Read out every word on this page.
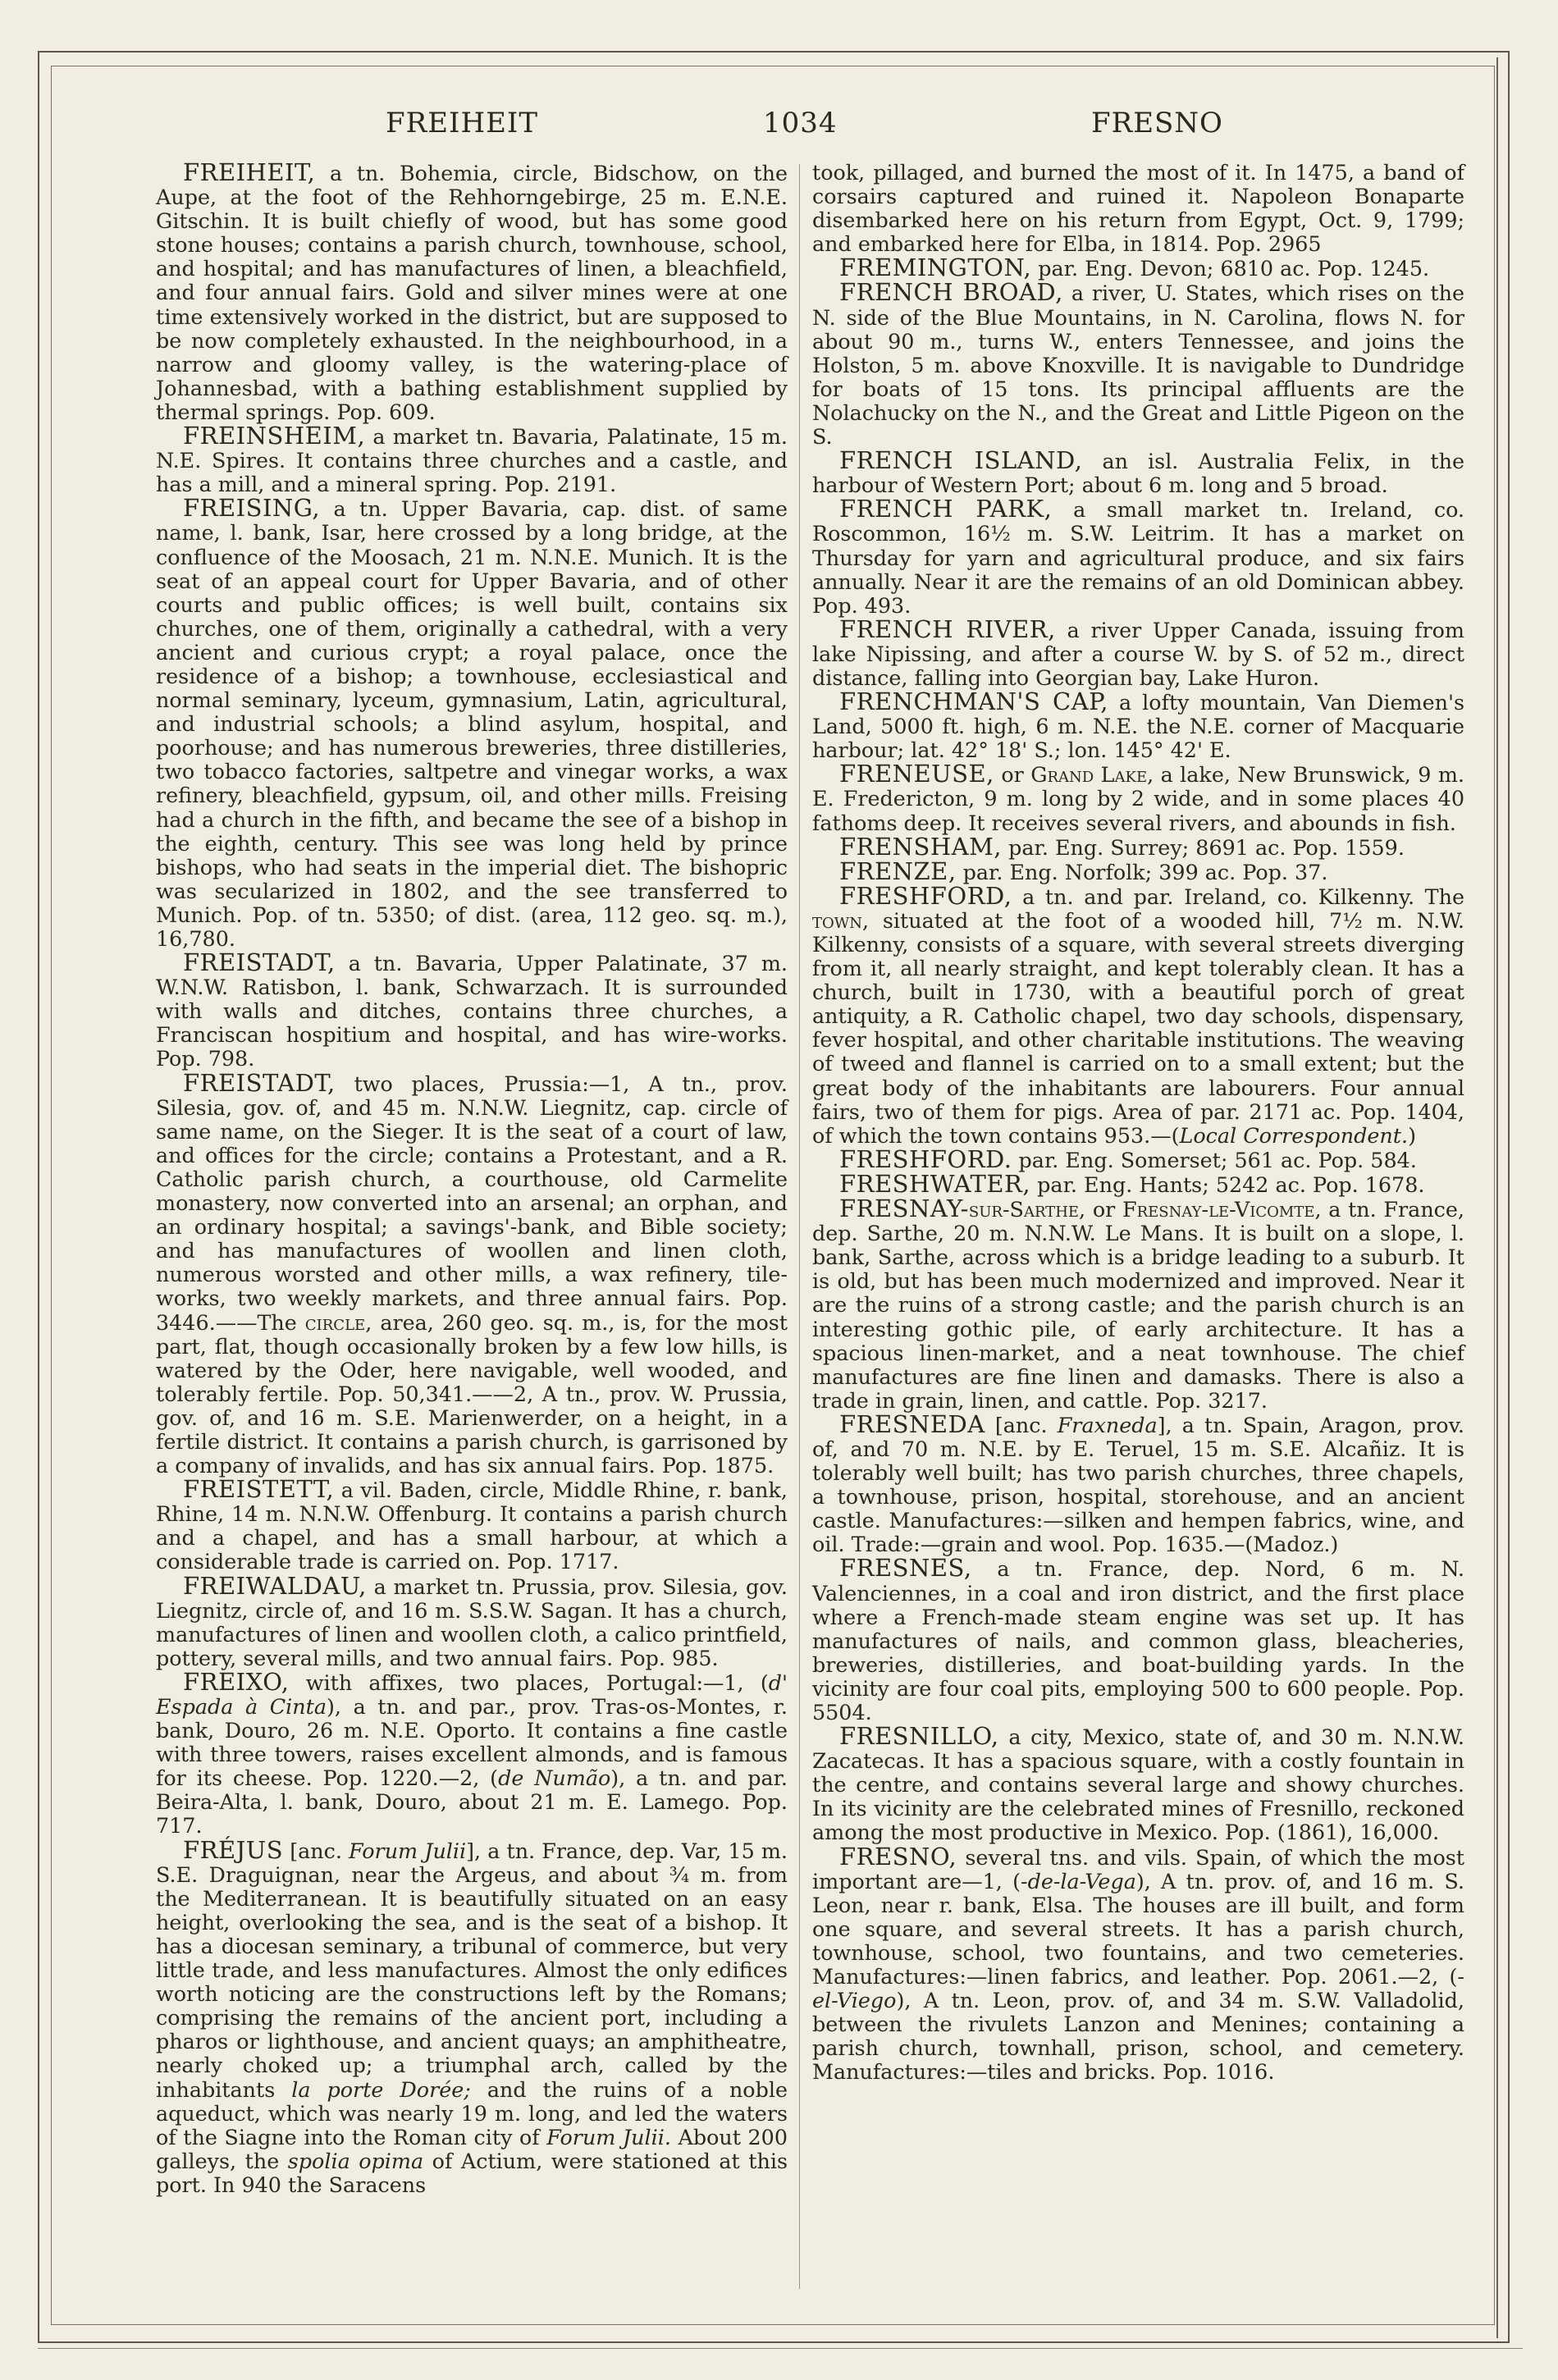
FREIHEIT	1034	FRESNO

FREIHEIT, a tn. Bohemia, circle, Bidschow, on the Aupe, at the foot of the Rehhorngebirge, 25 m. E.N.E. Gitschin. It is built chiefly of wood, but has some good stone houses; contains a parish church, townhouse, school, and hospital; and has manufactures of linen, a bleachfield, and four annual fairs. Gold and silver mines were at one time extensively worked in the district, but are supposed to be now completely exhausted. In the neighbourhood, in a narrow and gloomy valley, is the watering-place of Johannesbad, with a bathing establishment supplied by thermal springs. Pop. 609.

FREINSHEIM, a market tn. Bavaria, Palatinate, 15 m. N.E. Spires. It contains three churches and a castle, and has a mill, and a mineral spring. Pop. 2191.

FREISING, a tn. Upper Bavaria, cap. dist. of same name, l. bank, Isar, here crossed by a long bridge, at the confluence of the Moosach, 21 m. N.N.E. Munich. It is the seat of an appeal court for Upper Bavaria, and of other courts and public offices; is well built, contains six churches, one of them, originally a cathedral, with a very ancient and curious crypt; a royal palace, once the residence of a bishop; a townhouse, ecclesiastical and normal seminary, lyceum, gymnasium, Latin, agricultural, and industrial schools; a blind asylum, hospital, and poorhouse; and has numerous breweries, three distilleries, two tobacco factories, saltpetre and vinegar works, a wax refinery, bleachfield, gypsum, oil, and other mills. Freising had a church in the fifth, and became the see of a bishop in the eighth, century. This see was long held by prince bishops, who had seats in the imperial diet. The bishopric was secularized in 1802, and the see transferred to Munich. Pop. of tn. 5350; of dist. (area, 112 geo. sq. m.), 16,780.

FREISTADT, a tn. Bavaria, Upper Palatinate, 37 m. W.N.W. Ratisbon, l. bank, Schwarzach. It is surrounded with walls and ditches, contains three churches, a Franciscan hospitium and hospital, and has wire-works. Pop. 798.

FREISTADT, two places, Prussia:—1, A tn., prov. Silesia, gov. of, and 45 m. N.N.W. Liegnitz, cap. circle of same name, on the Sieger. It is the seat of a court of law, and offices for the circle; contains a Protestant, and a R. Catholic parish church, a courthouse, old Carmelite monastery, now converted into an arsenal; an orphan, and an ordinary hospital; a savings'-bank, and Bible society; and has manufactures of woollen and linen cloth, numerous worsted and other mills, a wax refinery, tile-works, two weekly markets, and three annual fairs. Pop. 3446.——The circle, area, 260 geo. sq. m., is, for the most part, flat, though occasionally broken by a few low hills, is watered by the Oder, here navigable, well wooded, and tolerably fertile. Pop. 50,341.——2, A tn., prov. W. Prussia, gov. of, and 16 m. S.E. Marienwerder, on a height, in a fertile district. It contains a parish church, is garrisoned by a company of invalids, and has six annual fairs. Pop. 1875.

FREISTETT, a vil. Baden, circle, Middle Rhine, r. bank, Rhine, 14 m. N.N.W. Offenburg. It contains a parish church and a chapel, and has a small harbour, at which a considerable trade is carried on. Pop. 1717.

FREIWALDAU, a market tn. Prussia, prov. Silesia, gov. Liegnitz, circle of, and 16 m. S.S.W. Sagan. It has a church, manufactures of linen and woollen cloth, a calico printfield, pottery, several mills, and two annual fairs. Pop. 985.

FREIXO, with affixes, two places, Portugal:—1, (d' Espada à Cinta), a tn. and par., prov. Tras-os-Montes, r. bank, Douro, 26 m. N.E. Oporto. It contains a fine castle with three towers, raises excellent almonds, and is famous for its cheese. Pop. 1220.—2, (de Numão), a tn. and par. Beira-Alta, l. bank, Douro, about 21 m. E. Lamego. Pop. 717.

FRÉJUS [anc. Forum Julii], a tn. France, dep. Var, 15 m. S.E. Draguignan, near the Argeus, and about ¾ m. from the Mediterranean. It is beautifully situated on an easy height, overlooking the sea, and is the seat of a bishop. It has a diocesan seminary, a tribunal of commerce, but very little trade, and less manufactures. Almost the only edifices worth noticing are the constructions left by the Romans; comprising the remains of the ancient port, including a pharos or lighthouse, and ancient quays; an amphitheatre, nearly choked up; a triumphal arch, called by the inhabitants la porte Dorée; and the ruins of a noble aqueduct, which was nearly 19 m. long, and led the waters of the Siagne into the Roman city of Forum Julii. About 200 galleys, the spolia opima of Actium, were stationed at this port. In 940 the Saracens

took, pillaged, and burned the most of it. In 1475, a band of corsairs captured and ruined it. Napoleon Bonaparte disembarked here on his return from Egypt, Oct. 9, 1799; and embarked here for Elba, in 1814. Pop. 2965

FREMINGTON, par. Eng. Devon; 6810 ac. Pop. 1245.

FRENCH BROAD, a river, U. States, which rises on the N. side of the Blue Mountains, in N. Carolina, flows N. for about 90 m., turns W., enters Tennessee, and joins the Holston, 5 m. above Knoxville. It is navigable to Dundridge for boats of 15 tons. Its principal affluents are the Nolachucky on the N., and the Great and Little Pigeon on the S.

FRENCH ISLAND, an isl. Australia Felix, in the harbour of Western Port; about 6 m. long and 5 broad.

FRENCH PARK, a small market tn. Ireland, co. Roscommon, 16½ m. S.W. Leitrim. It has a market on Thursday for yarn and agricultural produce, and six fairs annually. Near it are the remains of an old Dominican abbey. Pop. 493.

FRENCH RIVER, a river Upper Canada, issuing from lake Nipissing, and after a course W. by S. of 52 m., direct distance, falling into Georgian bay, Lake Huron.

FRENCHMAN'S CAP, a lofty mountain, Van Diemen's Land, 5000 ft. high, 6 m. N.E. the N.E. corner of Macquarie harbour; lat. 42° 18' S.; lon. 145° 42' E.

FRENEUSE, or Grand Lake, a lake, New Brunswick, 9 m. E. Fredericton, 9 m. long by 2 wide, and in some places 40 fathoms deep. It receives several rivers, and abounds in fish.

FRENSHAM, par. Eng. Surrey; 8691 ac. Pop. 1559.

FRENZE, par. Eng. Norfolk; 399 ac. Pop. 37.

FRESHFORD, a tn. and par. Ireland, co. Kilkenny. The town, situated at the foot of a wooded hill, 7½ m. N.W. Kilkenny, consists of a square, with several streets diverging from it, all nearly straight, and kept tolerably clean. It has a church, built in 1730, with a beautiful porch of great antiquity, a R. Catholic chapel, two day schools, dispensary, fever hospital, and other charitable institutions. The weaving of tweed and flannel is carried on to a small extent; but the great body of the inhabitants are labourers. Four annual fairs, two of them for pigs. Area of par. 2171 ac. Pop. 1404, of which the town contains 953.—(Local Correspondent.)

FRESHFORD. par. Eng. Somerset; 561 ac. Pop. 584.

FRESHWATER, par. Eng. Hants; 5242 ac. Pop. 1678.

FRESNAY-sur-Sarthe, or Fresnay-le-Vicomte, a tn. France, dep. Sarthe, 20 m. N.N.W. Le Mans. It is built on a slope, l. bank, Sarthe, across which is a bridge leading to a suburb. It is old, but has been much modernized and improved. Near it are the ruins of a strong castle; and the parish church is an interesting gothic pile, of early architecture. It has a spacious linen-market, and a neat townhouse. The chief manufactures are fine linen and damasks. There is also a trade in grain, linen, and cattle. Pop. 3217.

FRESNEDA [anc. Fraxneda], a tn. Spain, Aragon, prov. of, and 70 m. N.E. by E. Teruel, 15 m. S.E. Alcañiz. It is tolerably well built; has two parish churches, three chapels, a townhouse, prison, hospital, storehouse, and an ancient castle. Manufactures:—silken and hempen fabrics, wine, and oil. Trade:—grain and wool. Pop. 1635.—(Madoz.)

FRESNES, a tn. France, dep. Nord, 6 m. N. Valenciennes, in a coal and iron district, and the first place where a French-made steam engine was set up. It has manufactures of nails, and common glass, bleacheries, breweries, distilleries, and boat-building yards. In the vicinity are four coal pits, employing 500 to 600 people. Pop. 5504.

FRESNILLO, a city, Mexico, state of, and 30 m. N.N.W. Zacatecas. It has a spacious square, with a costly fountain in the centre, and contains several large and showy churches. In its vicinity are the celebrated mines of Fresnillo, reckoned among the most productive in Mexico. Pop. (1861), 16,000.

FRESNO, several tns. and vils. Spain, of which the most important are—1, (-de-la-Vega), A tn. prov. of, and 16 m. S. Leon, near r. bank, Elsa. The houses are ill built, and form one square, and several streets. It has a parish church, townhouse, school, two fountains, and two cemeteries. Manufactures:—linen fabrics, and leather. Pop. 2061.—2, (-el-Viego), A tn. Leon, prov. of, and 34 m. S.W. Valladolid, between the rivulets Lanzon and Menines; containing a parish church, townhall, prison, school, and cemetery. Manufactures:—tiles and bricks. Pop. 1016.
